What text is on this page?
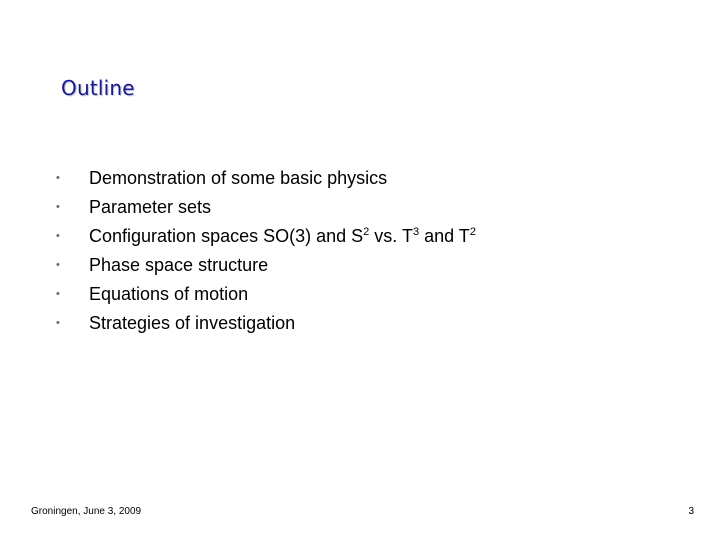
Outline
•	Demonstration of some basic physics
•	Parameter sets
•	Configuration spaces SO(3) and $S^2$ vs. $T^3$ and $T^2$
•	Phase space structure
•	Equations of motion
•	Strategies of investigation
Groningen, June 3, 2009	3
